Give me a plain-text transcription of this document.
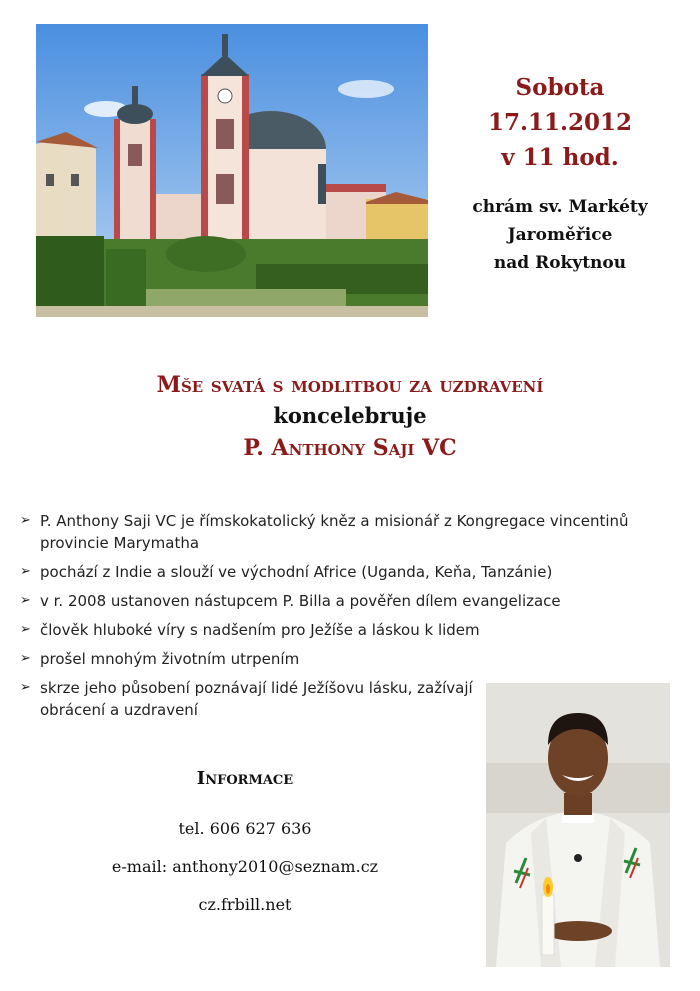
Sobota
17.11.2012
v 11 hod.
chrám sv. Markéty
Jaroměřice
nad Rokytnou
Mše svatá s modlitbou za uzdravení
koncelebruje
P. Anthony Saji VC
➢ P. Anthony Saji VC je římskokatolický kněz a misionář z Kongregace vincentinů provincie Marymatha
➢ pochází z Indie a slouží ve východní Africe (Uganda, Keňa, Tanzánie)
➢ v r. 2008 ustanoven nástupcem P. Billa a pověřen dílem evangelizace
➢ člověk hluboké víry s nadšením pro Ježíše a láskou k lidem
➢ prošel mnohým životním utrpením
➢ skrze jeho působení poznávají lidé Ježíšovu lásku, zažívají obrácení a uzdravení
Informace
tel. 606 627 636
e-mail: anthony2010@seznam.cz
cz.frbill.net
